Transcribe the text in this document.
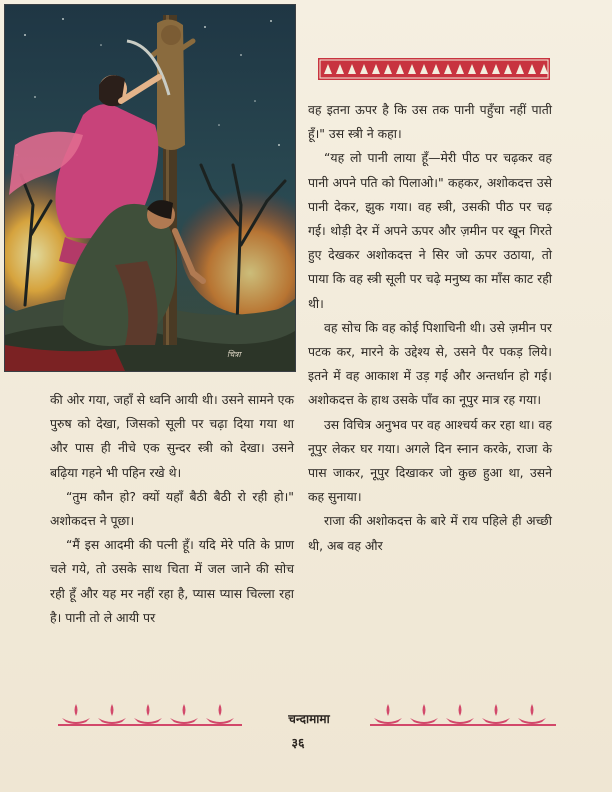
चित्रा

वह इतना ऊपर है कि उस तक पानी पहुँचा नहीं पाती हूँ।" उस स्त्री ने कहा।

“यह लो पानी लाया हूँ—मेरी पीठ पर चढ़कर वह पानी अपने पति को पिलाओ।" कहकर, अशोकदत्त उसे पानी देकर, झुक गया। वह स्त्री, उसकी पीठ पर चढ़ गई। थोड़ी देर में अपने ऊपर और ज़मीन पर खून गिरते हुए देखकर अशोकदत्त ने सिर जो ऊपर उठाया, तो पाया कि वह स्त्री सूली पर चढ़े मनुष्य का माँस काट रही थी।

वह सोच कि वह कोई पिशाचिनी थी। उसे ज़मीन पर पटक कर, मारने के उद्देश्य से, उसने पैर पकड़ लिये। इतने में वह आकाश में उड़ गई और अन्तर्धान हो गई। अशोकदत्त के हाथ उसके पाँव का नूपुर मात्र रह गया।

उस विचित्र अनुभव पर वह आश्चर्य कर रहा था। वह नूपुर लेकर घर गया। अगले दिन स्नान करके, राजा के पास जाकर, नूपुर दिखाकर जो कुछ हुआ था, उसने कह सुनाया।

राजा की अशोकदत्त के बारे में राय पहिले ही अच्छी थी, अब वह और

की ओर गया, जहाँ से ध्वनि आयी थी। उसने सामने एक पुरुष को देखा, जिसको सूली पर चढ़ा दिया गया था और पास ही नीचे एक सुन्दर स्त्री को देखा। उसने बढ़िया गहने भी पहिन रखे थे।

“तुम कौन हो? क्यों यहाँ बैठी बैठी रो रही हो।" अशोकदत्त ने पूछा।

“मैं इस आदमी की पत्नी हूँ। यदि मेरे पति के प्राण चले गये, तो उसके साथ चिता में जल जाने की सोच रही हूँ और यह मर नहीं रहा है, प्यास प्यास चिल्ला रहा है। पानी तो ले आयी पर

चन्दामामा
३६
